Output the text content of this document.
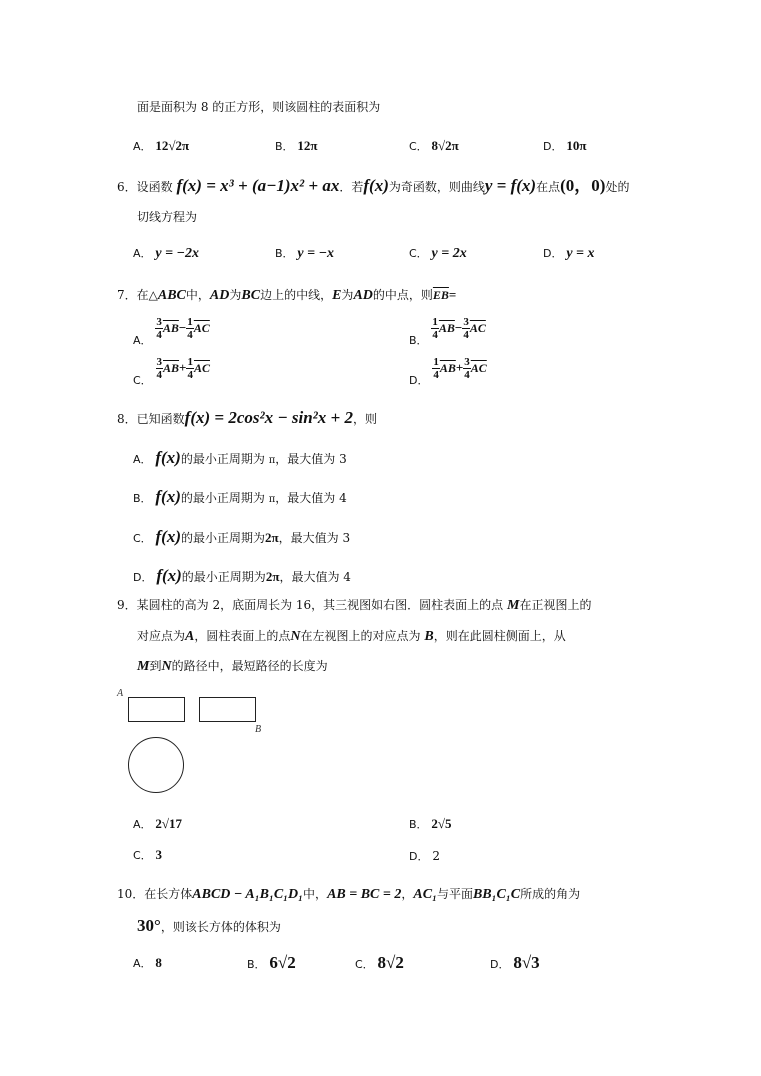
面是面积为 8 的正方形，则该圆柱的表面积为
A． 12√2π	B． 12π	C． 8√2π	D． 10π
6．设函数 f(x) = x³ + (a−1)x² + ax．若f(x)为奇函数，则曲线y = f(x)在点(0，0)处的
切线方程为
A． y = −2x	B． y = −x	C． y = 2x	D． y = x
7．在△ABC中，AD为BC边上的中线，E为AD的中点，则$\overline{EB}=$
A． $\frac{3}{4} \overline{AB}- \frac{1}{4} \overline{AC}$
B． $\frac{1}{4} \overline{AB}- \frac{3}{4} \overline{AC}$
C． $\frac{3}{4} \overline{AB}+ \frac{1}{4} \overline{AC}$
D． $\frac{1}{4} \overline{AB}+ \frac{3}{4} \overline{AC}$
8．已知函数f(x) = 2cos²x − sin²x + 2，则
A． f(x)的最小正周期为 π，最大值为 3
B． f(x)的最小正周期为 π，最大值为 4
C． f(x)的最小正周期为2π，最大值为 3
D． f(x)的最小正周期为2π，最大值为 4
9．某圆柱的高为 2，底面周长为 16，其三视图如右图．圆柱表面上的点 M在正视图上的
对应点为A，圆柱表面上的点N在左视图上的对应点为 B，则在此圆柱侧面上，从
M到N的路径中，最短路径的长度为
A
B
A． 2√17	B． 2√5
C． 3	D． 2
10．在长方体ABCD − A₁B₁C₁D₁中，AB = BC = 2，AC₁与平面BB₁C₁C所成的角为
30°，则该长方体的体积为
A． 8	B． 6√2	C． 8√2	D． 8√3
